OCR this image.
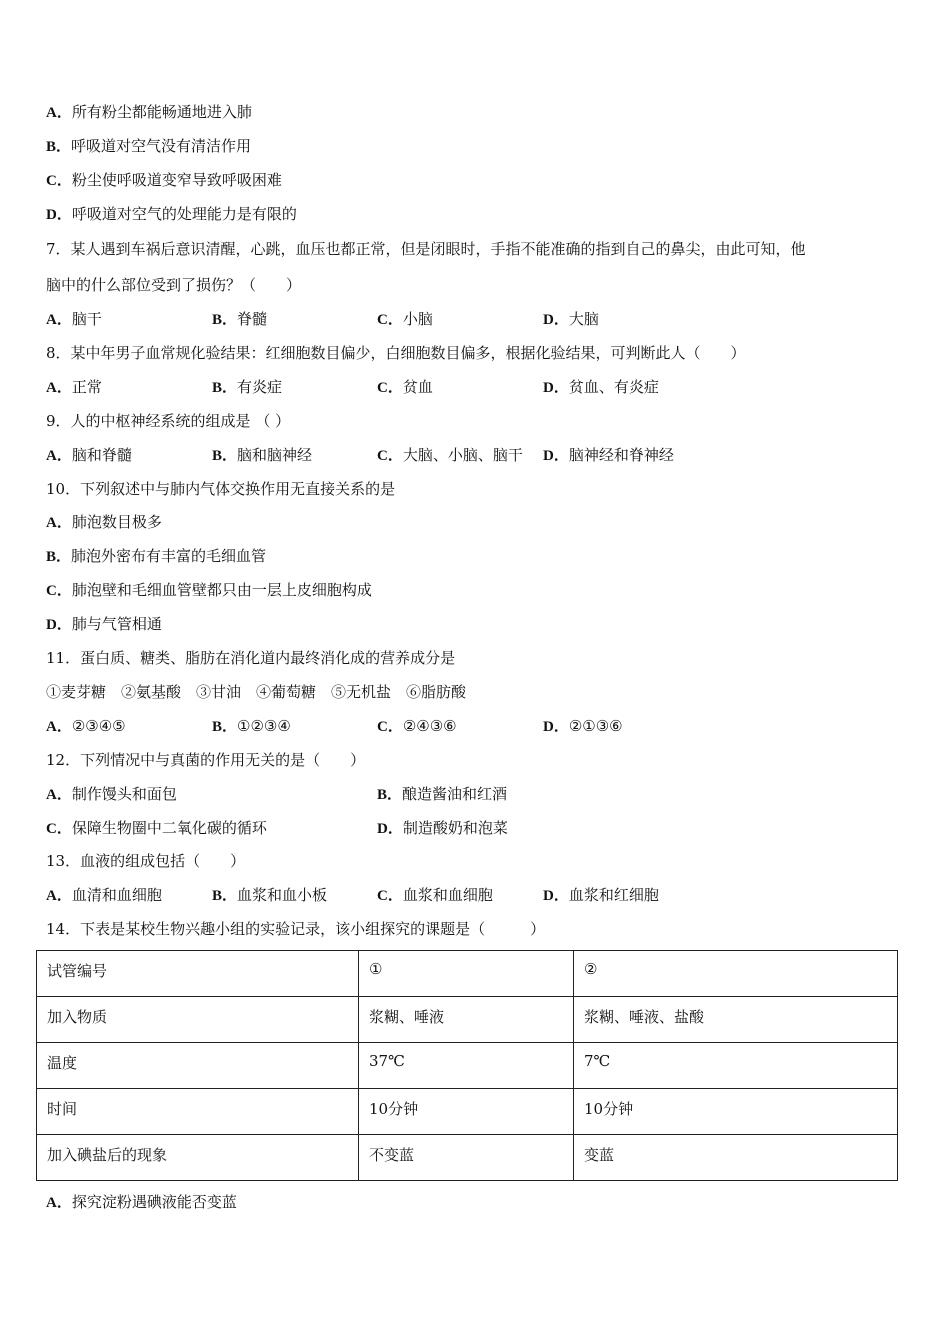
A．所有粉尘都能畅通地进入肺
B．呼吸道对空气没有清洁作用
C．粉尘使呼吸道变窄导致呼吸困难
D．呼吸道对空气的处理能力是有限的
7．某人遇到车祸后意识清醒，心跳，血压也都正常，但是闭眼时，手指不能准确的指到自己的鼻尖，由此可知，他
脑中的什么部位受到了损伤？（　　）
A．脑干	B．脊髓	C．小脑	D．大脑
8．某中年男子血常规化验结果：红细胞数目偏少，白细胞数目偏多，根据化验结果，可判断此人（　　）
A．正常	B．有炎症	C．贫血	D．贫血、有炎症
9．人的中枢神经系统的组成是 （ ）
A．脑和脊髓	B．脑和脑神经	C．大脑、小脑、脑干 D．脑神经和脊神经
10．下列叙述中与肺内气体交换作用无直接关系的是
A．肺泡数目极多
B．肺泡外密布有丰富的毛细血管
C．肺泡壁和毛细血管壁都只由一层上皮细胞构成
D．肺与气管相通
11．蛋白质、糖类、脂肪在消化道内最终消化成的营养成分是
①麦芽糖　②氨基酸　③甘油　④葡萄糖　⑤无机盐　⑥脂肪酸
A．②③④⑤	B．①②③④	C．②④③⑥	D．②①③⑥
12．下列情况中与真菌的作用无关的是（　　）
A．制作馒头和面包	B．酿造酱油和红酒
C．保障生物圈中二氧化碳的循环	D．制造酸奶和泡菜
13．血液的组成包括（　　）
A．血清和血细胞	B．血浆和血小板	C．血浆和血细胞	D．血浆和红细胞
14．下表是某校生物兴趣小组的实验记录，该小组探究的课题是（　　　）
试管编号	①	②
加入物质	浆糊、唾液	浆糊、唾液、盐酸
温度	37℃	7℃
时间	10分钟	10分钟
加入碘盐后的现象	不变蓝	变蓝
A．探究淀粉遇碘液能否变蓝
